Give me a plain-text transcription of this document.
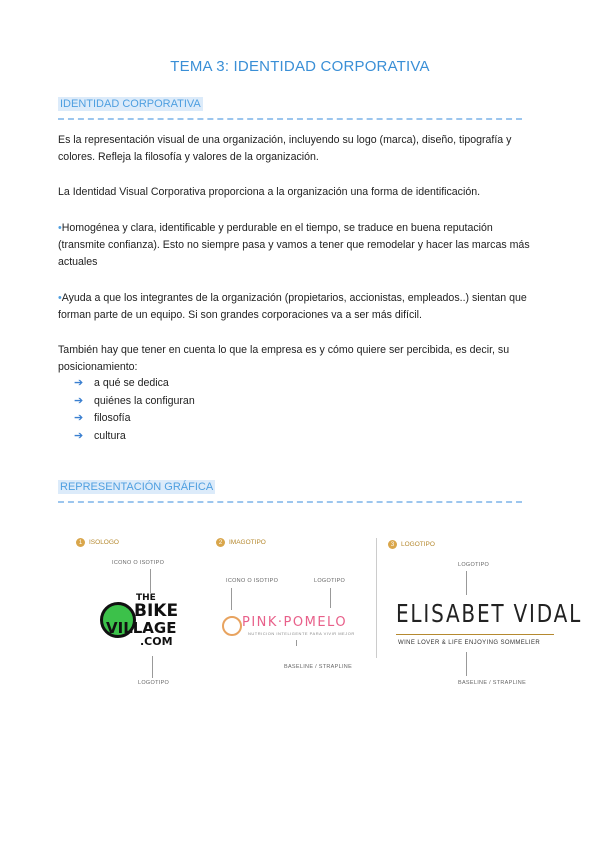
TEMA 3: IDENTIDAD CORPORATIVA
IDENTIDAD CORPORATIVA
Es la representación visual de una organización, incluyendo su logo (marca), diseño, tipografía y colores. Refleja la filosofía y valores de la organización.
La Identidad Visual Corporativa proporciona a la organización una forma de identificación.
•Homogénea y clara, identificable y perdurable en el tiempo, se traduce en buena reputación (transmite confianza). Esto no siempre pasa y vamos a tener que remodelar y hacer las marcas más actuales
•Ayuda a que los integrantes de la organización (propietarios, accionistas, empleados..) sientan que forman parte de un equipo. Si son grandes corporaciones va a ser más difícil.
También hay que tener en cuenta lo que la empresa es y cómo quiere ser percibida, es decir, su posicionamiento:
➔	a qué se dedica
➔	quiénes la configuran
➔	filosofía
➔	cultura
REPRESENTACIÓN GRÁFICA
1	ISOLOGO
ICONO O ISOTIPO
THE
BIKE
VILLAGE
.COM
LOGOTIPO
2	IMAGOTIPO
ICONO O ISOTIPO	LOGOTIPO
PINK·POMELO
NUTRICION INTELIGENTE PARA VIVIR MEJOR
BASELINE / STRAPLINE
3	LOGOTIPO
LOGOTIPO
ELISABET VIDAL
WINE LOVER & LIFE ENJOYING SOMMELIER
BASELINE / STRAPLINE
